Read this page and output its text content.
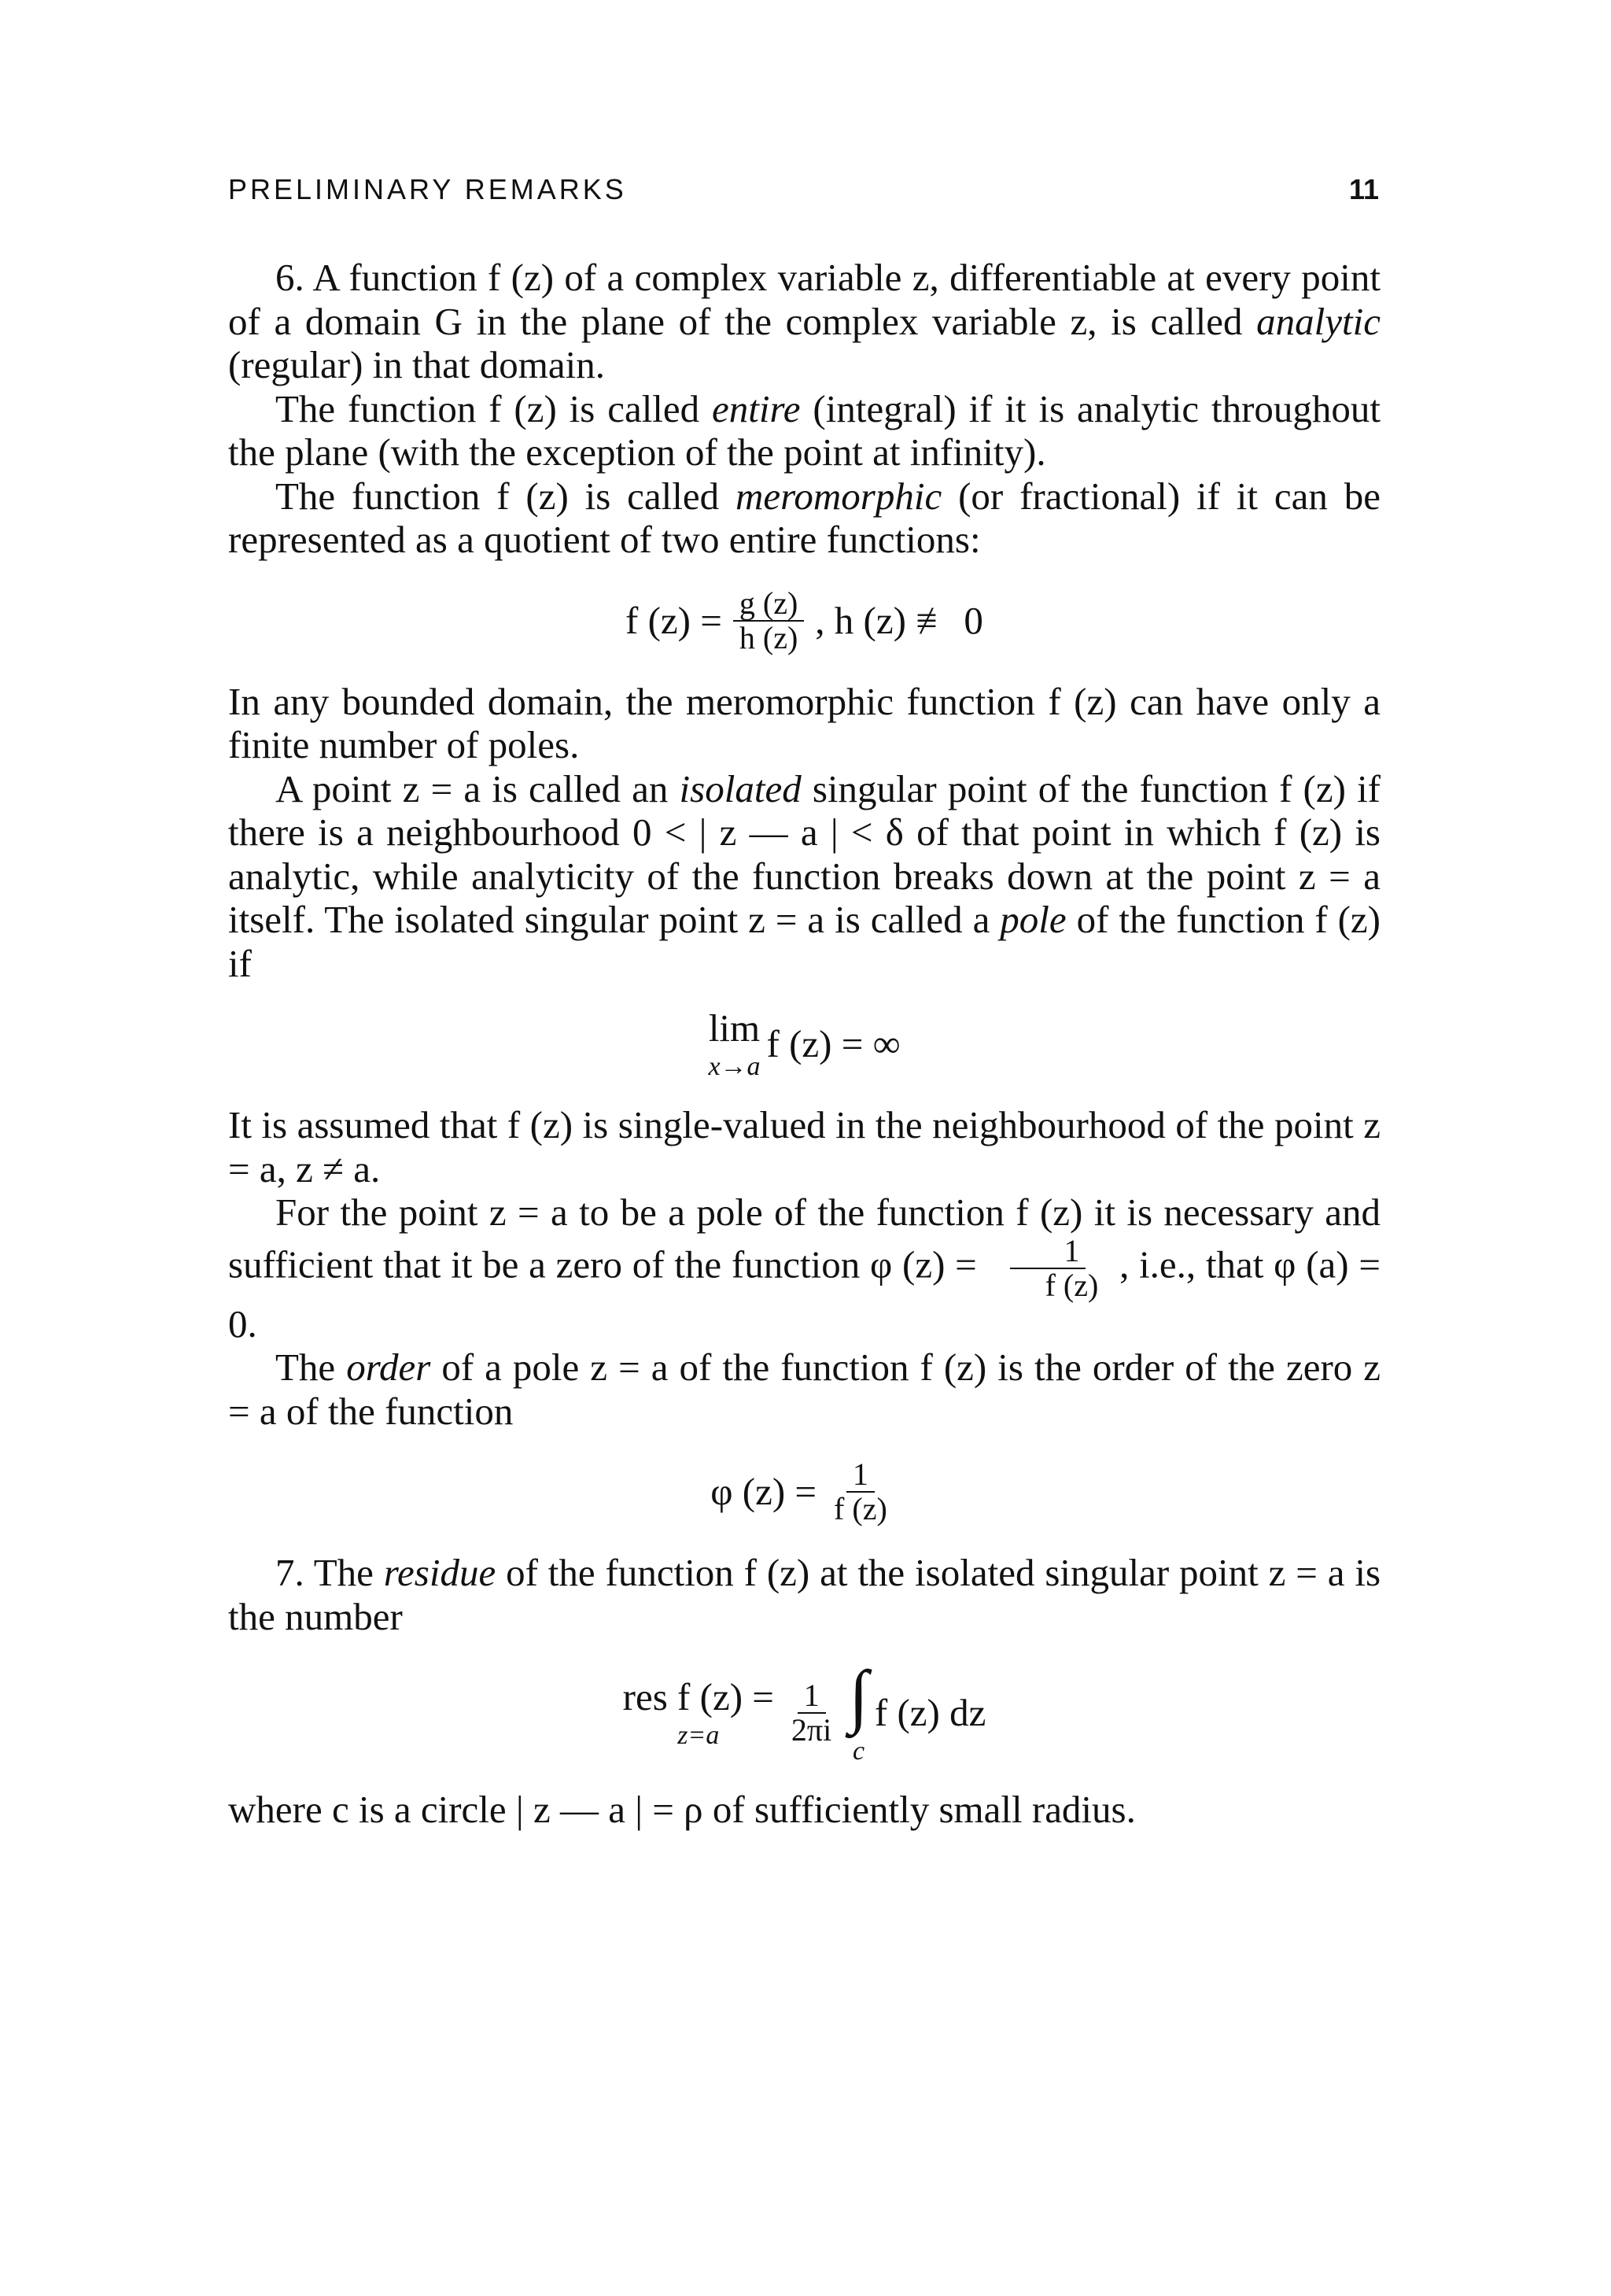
PRELIMINARY REMARKS	11

6. A function f (z) of a complex variable z, differentiable at every point of a domain G in the plane of the complex variable z, is called analytic (regular) in that domain.

The function f (z) is called entire (integral) if it is analytic throughout the plane (with the exception of the point at infinity).

The function f (z) is called meromorphic (or fractional) if it can be represented as a quotient of two entire functions:

f $(z) = \frac{g (z)}{h (z)}$ , h (z) ≢ 0

In any bounded domain, the meromorphic function f (z) can have only a finite number of poles.

A point z = a is called an isolated singular point of the function f (z) if there is a neighbourhood 0 < | z — a | < δ of that point in which f (z) is analytic, while analyticity of the function breaks down at the point z = a itself. The isolated singular point z = a is called a pole of the function f (z) if

lim
x→a
f (z) = ∞

It is assumed that f (z) is single-valued in the neighbourhood of the point z = a, z ≠ a.

For the point z = a to be a pole of the function f (z) it is necessary and sufficient that it be a zero of the function φ $(z) = \frac{1}{f (z)}$ , i.e., that φ (a) = 0.

The order of a pole z = a of the function f (z) is the order of the zero z = a of the function

φ $(z) = \frac{1}{f (z)}$

7. The residue of the function f (z) at the isolated singular point z = a is the number

res f (z) =
$z=a \frac{1}{2\pi i}$ ∫
c
f (z) dz

where c is a circle | z — a | = ρ of sufficiently small radius.
